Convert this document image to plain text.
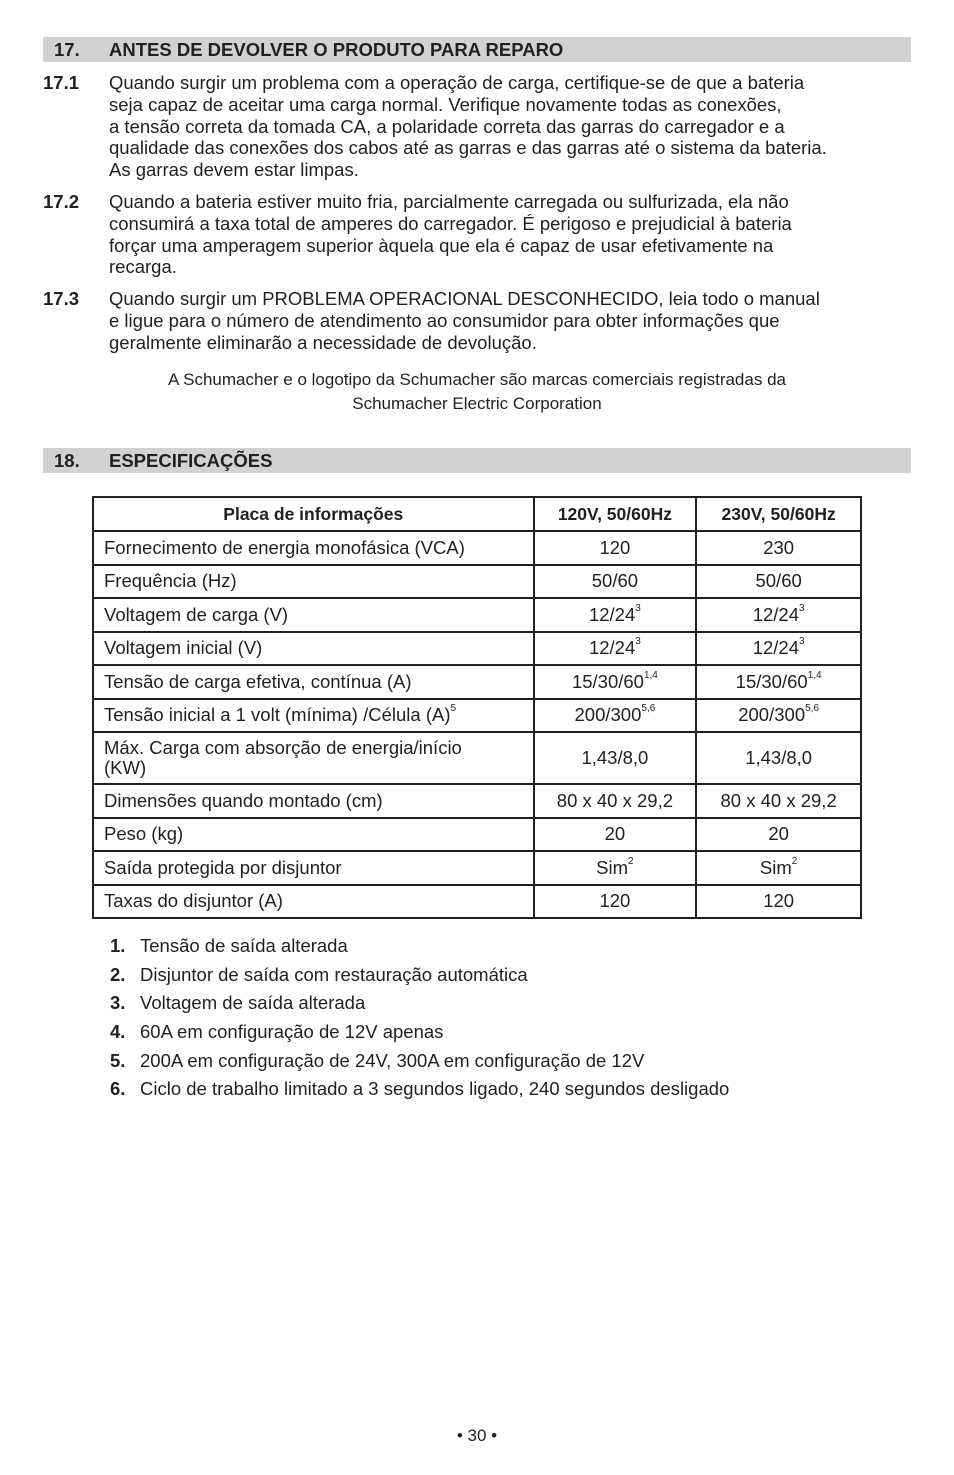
17. ANTES DE DEVOLVER O PRODUTO PARA REPARO
17.1 Quando surgir um problema com a operação de carga, certifique-se de que a bateria
seja capaz de aceitar uma carga normal. Verifique novamente todas as conexões,
a tensão correta da tomada CA, a polaridade correta das garras do carregador e a
qualidade das conexões dos cabos até as garras e das garras até o sistema da bateria.
As garras devem estar limpas.
17.2 Quando a bateria estiver muito fria, parcialmente carregada ou sulfurizada, ela não
consumirá a taxa total de amperes do carregador. É perigoso e prejudicial à bateria
forçar uma amperagem superior àquela que ela é capaz de usar efetivamente na
recarga.
17.3 Quando surgir um PROBLEMA OPERACIONAL DESCONHECIDO, leia todo o manual
e ligue para o número de atendimento ao consumidor para obter informações que
geralmente eliminarão a necessidade de devolução.
A Schumacher e o logotipo da Schumacher são marcas comerciais registradas da
Schumacher Electric Corporation
18. ESPECIFICAÇÕES
Placa de informações	120V, 50/60Hz	230V, 50/60Hz
Fornecimento de energia monofásica (VCA)	120	230
Frequência (Hz)	50/60	50/60
Voltagem de carga (V)	$12/24^3$	$12/24^3$
Voltagem inicial (V)	$12/24^3$	$12/24^3$
Tensão de carga efetiva, contínua (A)	15/30/60$^{1,4}$	15/30/60$^{1,4}$
Tensão inicial a 1 volt (mínima) /Célula $(A)^5$	200/300$^{5,6}$	200/300$^{5,6}$
Máx. Carga com absorção de energia/início
(KW)	1,43/8,0	1,43/8,0
Dimensões quando montado (cm)	80 x 40 x 29,2	80 x 40 x 29,2
Peso (kg)	20	20
Saída protegida por disjuntor	Sim$^2$	Sim$^2$
Taxas do disjuntor (A)	120	120
1. Tensão de saída alterada
2. Disjuntor de saída com restauração automática
3. Voltagem de saída alterada
4. 60A em configuração de 12V apenas
5. 200A em configuração de 24V, 300A em configuração de 12V
6. Ciclo de trabalho limitado a 3 segundos ligado, 240 segundos desligado
• 30 •
